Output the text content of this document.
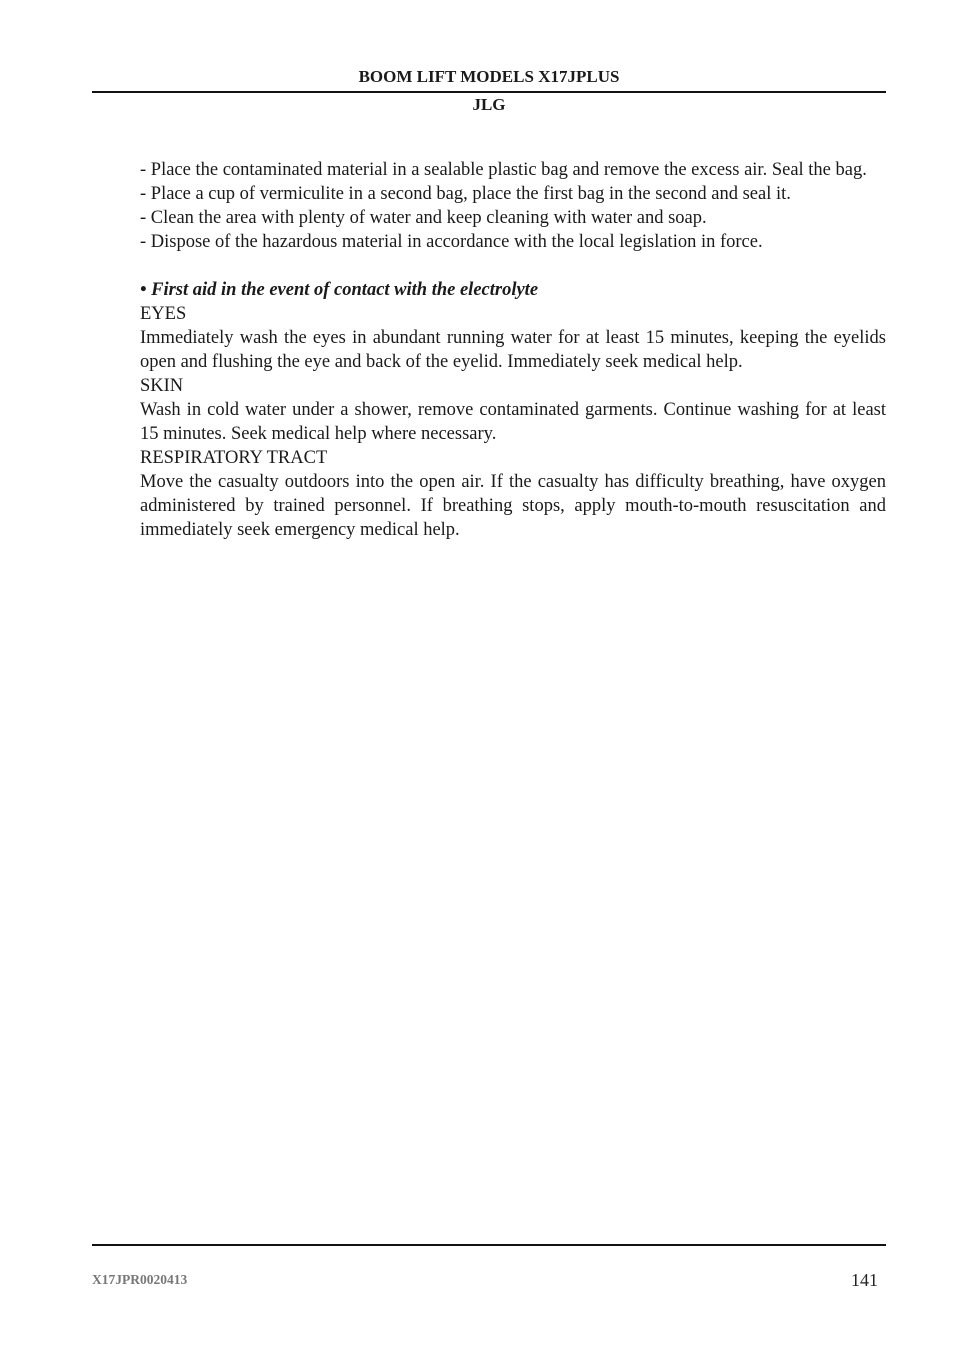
BOOM LIFT MODELS X17JPLUS
JLG

- Place the contaminated material in a sealable plastic bag and remove the excess air. Seal the bag.

- Place a cup of vermiculite in a second bag, place the first bag in the second and seal it.

- Clean the area with plenty of water and keep cleaning with water and soap.

- Dispose of the hazardous material in accordance with the local legislation in force.

• First aid in the event of contact with the electrolyte

EYES

Immediately wash the eyes in abundant running water for at least 15 minutes, keeping the eyelids open and flushing the eye and back of the eyelid. Immediately seek medical help.

SKIN

Wash in cold water under a shower, remove contaminated garments. Continue washing for at least 15 minutes. Seek medical help where necessary.

RESPIRATORY TRACT

Move the casualty outdoors into the open air. If the casualty has difficulty breathing, have oxygen administered by trained personnel. If breathing stops, apply mouth-to-mouth resuscitation and immediately seek emergency medical help.

X17JPR0020413	141
